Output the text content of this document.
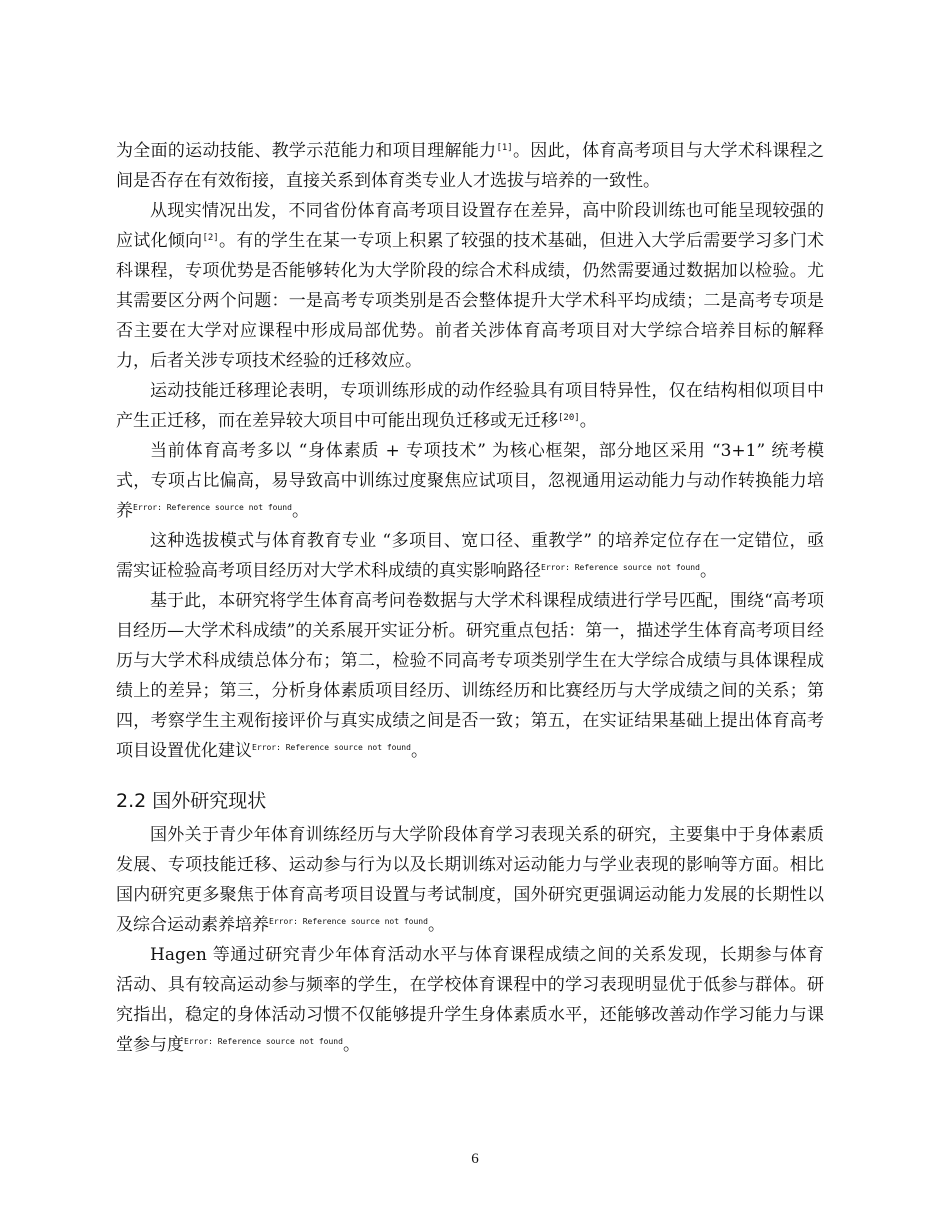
为全面的运动技能、教学示范能力和项目理解能力[1]。因此，体育高考项目与大学术科课程之间是否存在有效衔接，直接关系到体育类专业人才选拔与培养的一致性。

从现实情况出发，不同省份体育高考项目设置存在差异，高中阶段训练也可能呈现较强的应试化倾向[2]。有的学生在某一专项上积累了较强的技术基础，但进入大学后需要学习多门术科课程，专项优势是否能够转化为大学阶段的综合术科成绩，仍然需要通过数据加以检验。尤其需要区分两个问题：一是高考专项类别是否会整体提升大学术科平均成绩；二是高考专项是否主要在大学对应课程中形成局部优势。前者关涉体育高考项目对大学综合培养目标的解释力，后者关涉专项技术经验的迁移效应。

运动技能迁移理论表明，专项训练形成的动作经验具有项目特异性，仅在结构相似项目中产生正迁移，而在差异较大项目中可能出现负迁移或无迁移[20]。

当前体育高考多以 “身体素质 + 专项技术” 为核心框架，部分地区采用 “3+1” 统考模式，专项占比偏高，易导致高中训练过度聚焦应试项目，忽视通用运动能力与动作转换能力培养$^{Error: Reference source not found}$。

这种选拔模式与体育教育专业 “多项目、宽口径、重教学” 的培养定位存在一定错位，亟需实证检验高考项目经历对大学术科成绩的真实影响路径$^{Error: Reference source not found}$。

基于此，本研究将学生体育高考问卷数据与大学术科课程成绩进行学号匹配，围绕“高考项目经历—大学术科成绩”的关系展开实证分析。研究重点包括：第一，描述学生体育高考项目经历与大学术科成绩总体分布；第二，检验不同高考专项类别学生在大学综合成绩与具体课程成绩上的差异；第三，分析身体素质项目经历、训练经历和比赛经历与大学成绩之间的关系；第四，考察学生主观衔接评价与真实成绩之间是否一致；第五，在实证结果基础上提出体育高考项目设置优化建议$^{Error: Reference source not found}$。

2.2 国外研究现状

国外关于青少年体育训练经历与大学阶段体育学习表现关系的研究，主要集中于身体素质发展、专项技能迁移、运动参与行为以及长期训练对运动能力与学业表现的影响等方面。相比国内研究更多聚焦于体育高考项目设置与考试制度，国外研究更强调运动能力发展的长期性以及综合运动素养培养$^{Error: Reference source not found}$。

Hagen 等通过研究青少年体育活动水平与体育课程成绩之间的关系发现，长期参与体育活动、具有较高运动参与频率的学生，在学校体育课程中的学习表现明显优于低参与群体。研究指出，稳定的身体活动习惯不仅能够提升学生身体素质水平，还能够改善动作学习能力与课堂参与度$^{Error: Reference source not found}$。

6
